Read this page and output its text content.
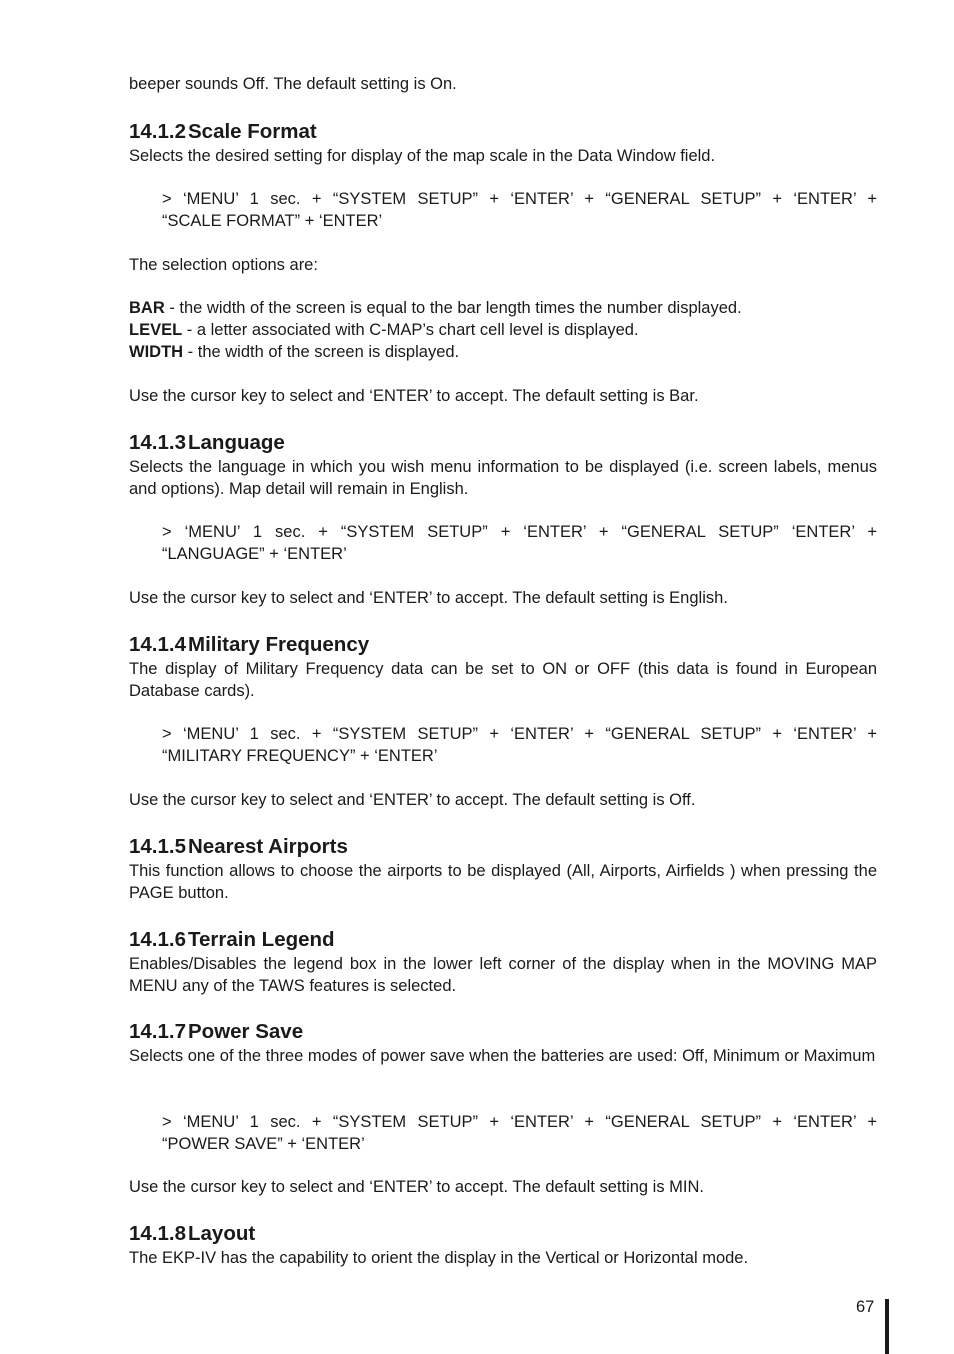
beeper sounds Off. The default setting is On.

14.1.2Scale Format

Selects the desired setting for display of the map scale in the Data Window field.

> ‘MENU’ 1 sec. + “SYSTEM SETUP” + ‘ENTER’ + “GENERAL SETUP” + ‘ENTER’ +
“SCALE FORMAT” + ‘ENTER’

The selection options are:

BAR - the width of the screen is equal to the bar length times the number displayed.

LEVEL - a letter associated with C-MAP’s chart cell level is displayed.

WIDTH - the width of the screen is displayed.

Use the cursor key to select and ‘ENTER’ to accept. The default setting is Bar.

14.1.3Language

Selects the language in which you wish menu information to be displayed (i.e. screen labels, menus and options). Map detail will remain in English.

> ‘MENU’ 1 sec. + “SYSTEM SETUP” + ‘ENTER’ + “GENERAL SETUP” ‘ENTER’ +
“LANGUAGE” + ‘ENTER’

Use the cursor key to select and ‘ENTER’ to accept. The default setting is English.

14.1.4Military Frequency

The display of Military Frequency data can be set to ON or OFF (this data is found in European Database cards).

> ‘MENU’ 1 sec. + “SYSTEM SETUP” + ‘ENTER’ + “GENERAL SETUP” + ‘ENTER’ +
“MILITARY FREQUENCY” + ‘ENTER’

Use the cursor key to select and ‘ENTER’ to accept. The default setting is Off.

14.1.5Nearest Airports

This function allows to choose the airports to be displayed (All, Airports, Airfields ) when pressing the PAGE button.

14.1.6Terrain Legend

Enables/Disables the legend box in the lower left corner of the display when in the MOVING MAP MENU any of the TAWS features is selected.

14.1.7Power Save

Selects one of the three modes of power save when the batteries are used: Off, Minimum or Maximum

> ‘MENU’ 1 sec. + “SYSTEM SETUP” + ‘ENTER’ + “GENERAL SETUP” + ‘ENTER’ +
“POWER SAVE” + ‘ENTER’

Use the cursor key to select and ‘ENTER’ to accept. The default setting is MIN.

14.1.8Layout

The EKP-IV has the capability to orient the display in the Vertical or Horizontal mode.

67
